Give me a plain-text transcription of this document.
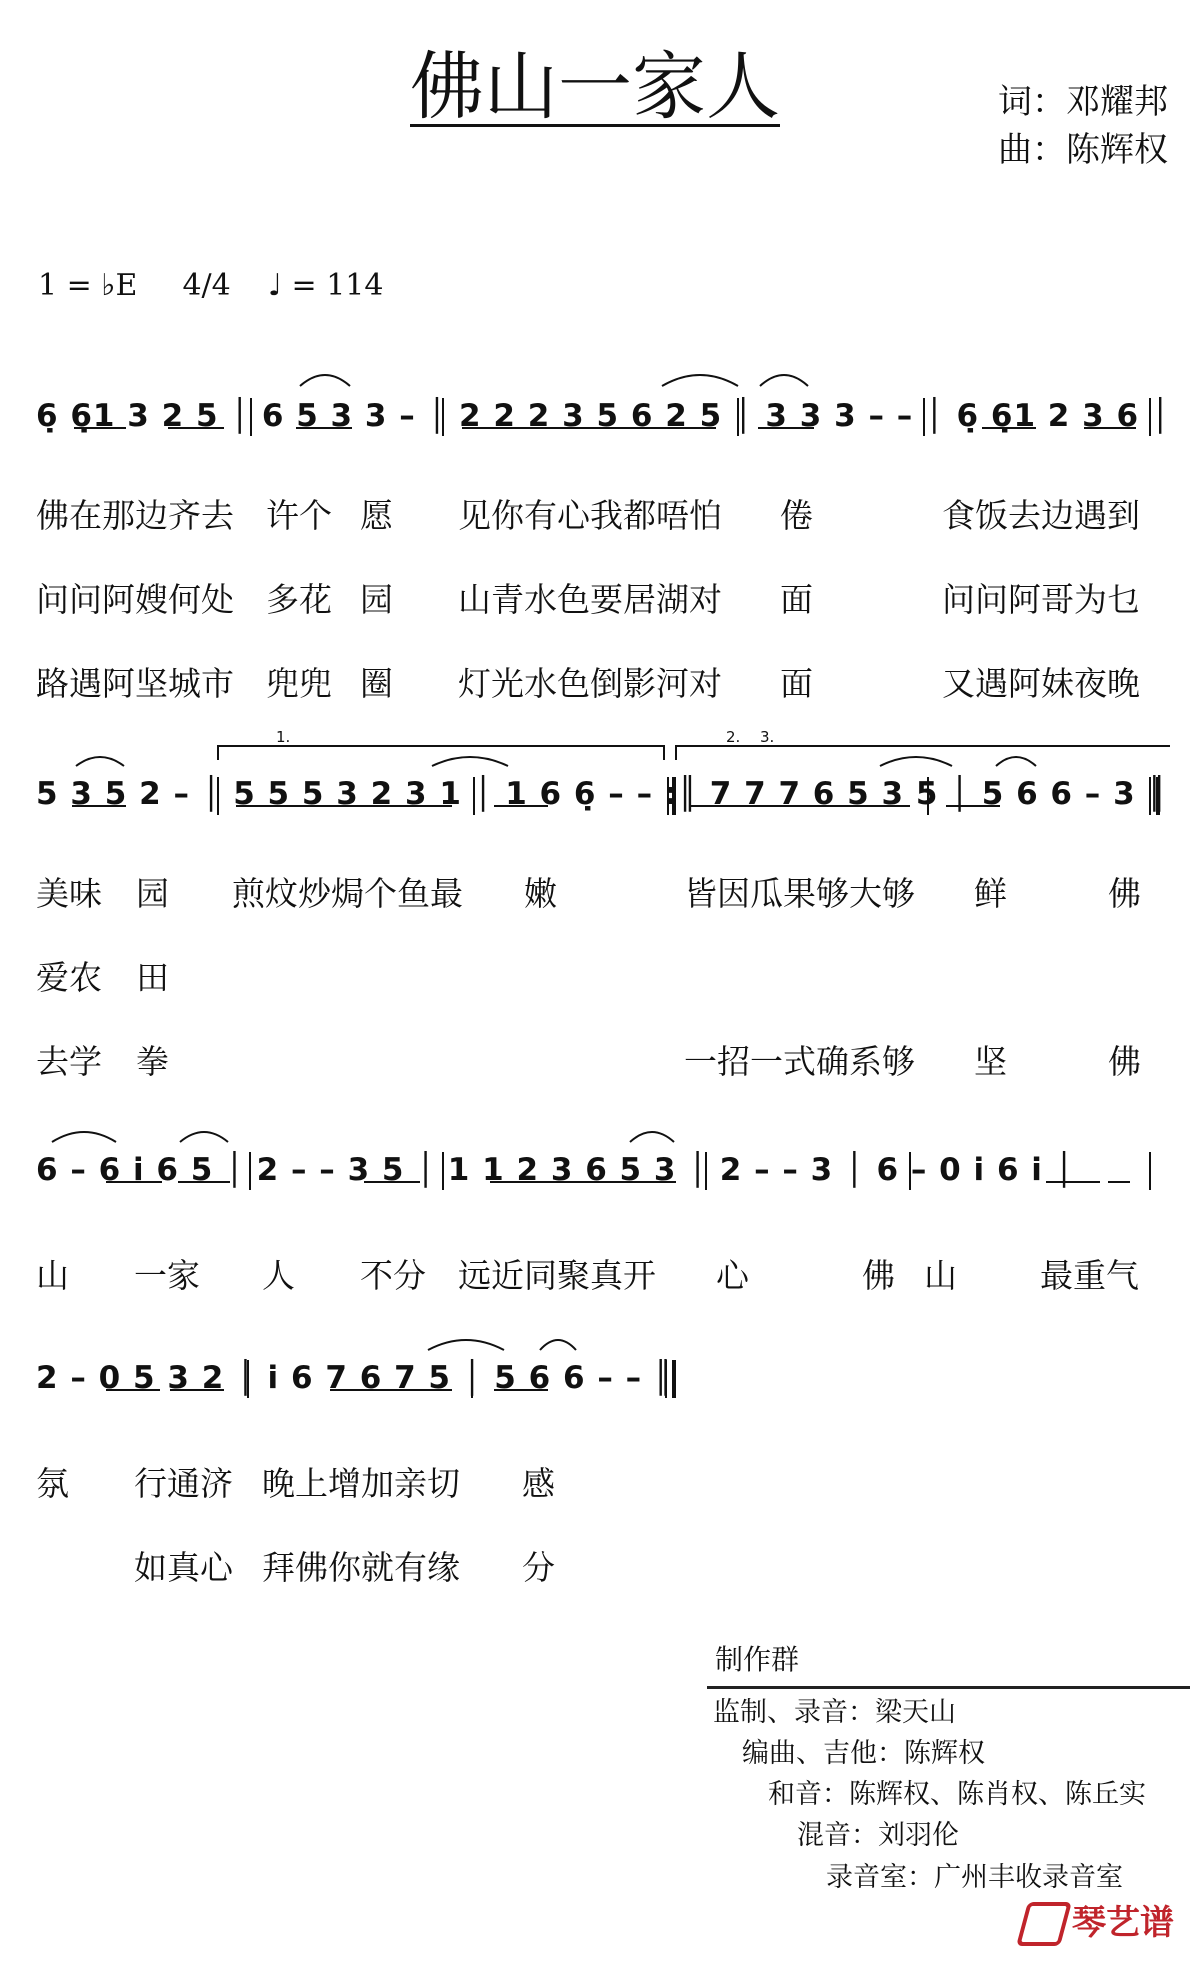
佛山一家人	词：邓耀邦
曲：陈辉权
1 = ♭E 4/4 ♩ = 114
1.	2. 3.
6̣ 6̣1 3 2 5 │ 6 5 3 3 – │ 2 2 2 3 5 6 2 5 │ 3 3 3 – – │ 6̣ 6̣1 2 3 6 │
佛在那边齐去 许个 愿 见你有心我都唔怕 倦	食饭去边遇到
问问阿嫂何处 多花 园 山青水色要居湖对 面	问问阿哥为乜
路遇阿坚城市 兜兜 圈 灯光水色倒影河对 面	又遇阿妹夜晚
5 3 5 2 – │ 5 5 5 3 2 3 1 │ 1 6 6̣ – – :║ 7 7 7 6 5 3 5 │ 5 6 6 – 3 ║
美味 园 煎炆炒焗个鱼最 嫩	皆因瓜果够大够 鲜	佛
爱农 田
去学 拳	一招一式确系够 坚	佛
6 – 6 i 6 5 │ 2 – – 3 5 │ 1 1 2 3 6 5 3 │ 2 – – 3 │ 6 – 0 i 6 i │
山 一家 人 不分 远近同聚真开 心	佛 山	最重气
2 – 0 5 3 2 │ i 6 7 6 7 5 │ 5 6 6 – – ║
氛 行通济 晚上增加亲切 感
如真心 拜佛你就有缘 分
制作群
监制、录音：梁天山
编曲、吉他：陈辉权
和音：陈辉权、陈肖权、陈丘实
混音：刘羽伦
录音室：广州丰收录音室
琴艺谱
